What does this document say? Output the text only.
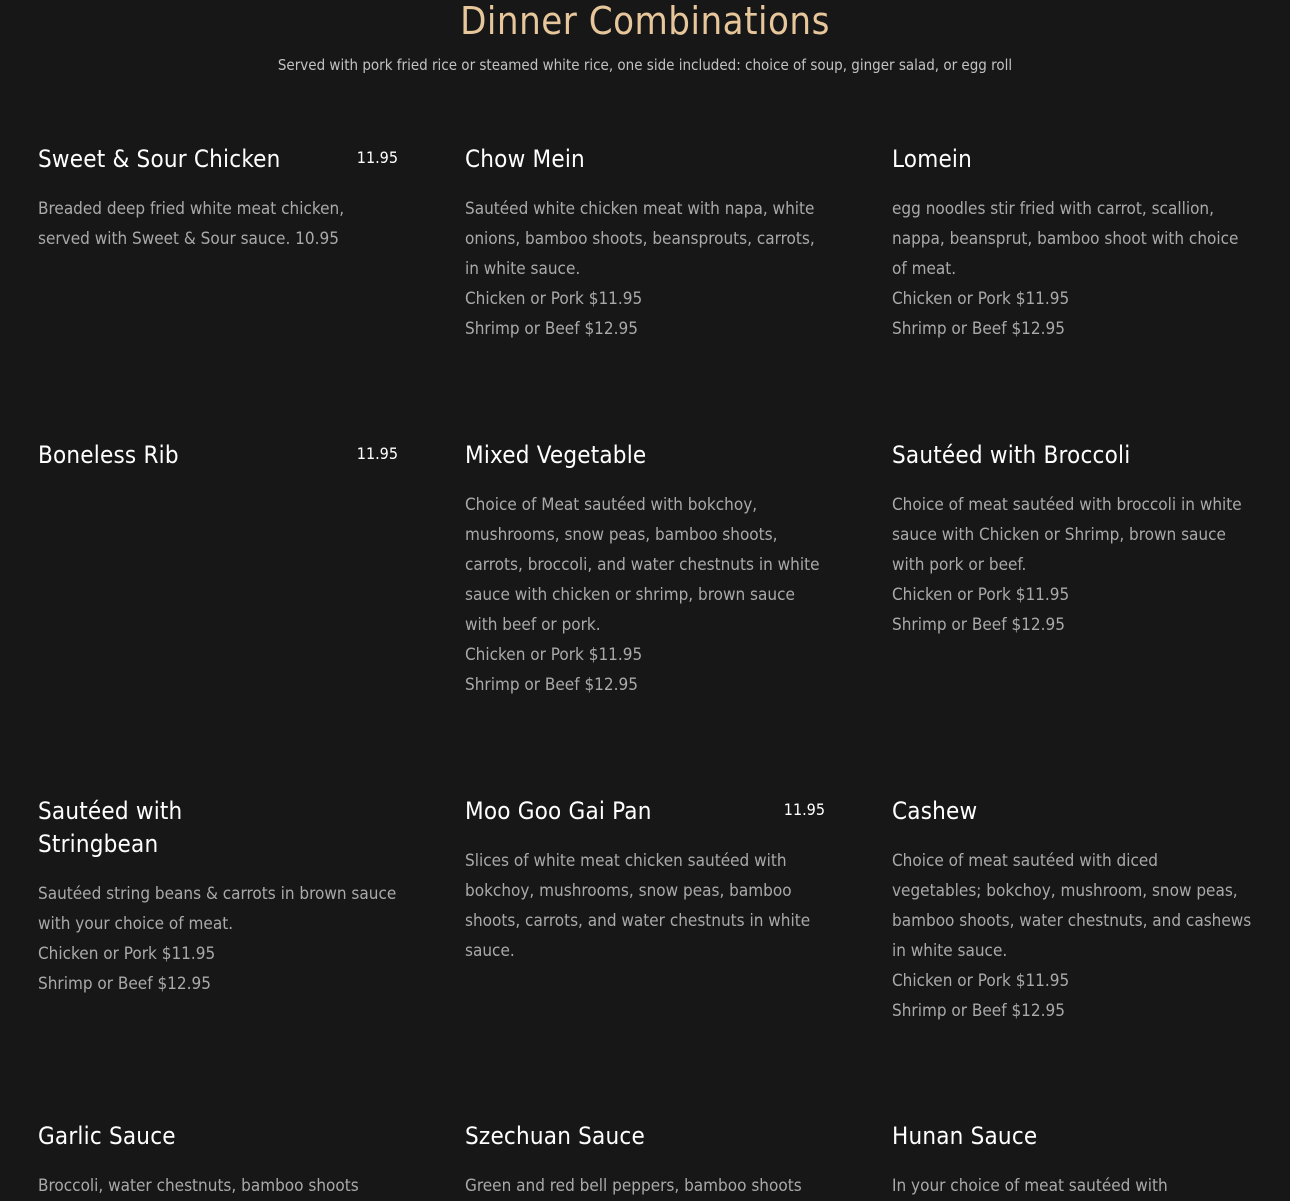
Dinner Combinations

Served with pork fried rice or steamed white rice, one side included: choice of soup, ginger salad, or egg roll

Sweet & Sour Chicken	11.95
Breaded deep fried white meat chicken, served with Sweet & Sour sauce. 10.95
Chow Mein
Sautéed white chicken meat with napa, white onions, bamboo shoots, beansprouts, carrots, in white sauce.
Chicken or Pork $11.95
Shrimp or Beef $12.95
Lomein
egg noodles stir fried with carrot, scallion, nappa, beansprut, bamboo shoot with choice of meat.
Chicken or Pork $11.95
Shrimp or Beef $12.95
Boneless Rib	11.95	Mixed Vegetable
Choice of Meat sautéed with bokchoy, mushrooms, snow peas, bamboo shoots, carrots, broccoli, and water chestnuts in white sauce with chicken or shrimp, brown sauce with beef or pork.
Chicken or Pork $11.95
Shrimp or Beef $12.95
Sautéed with Broccoli
Choice of meat sautéed with broccoli in white sauce with Chicken or Shrimp, brown sauce with pork or beef.
Chicken or Pork $11.95
Shrimp or Beef $12.95
Sautéed with Stringbean
Sautéed string beans & carrots in brown sauce with your choice of meat.
Chicken or Pork $11.95
Shrimp or Beef $12.95
Moo Goo Gai Pan	11.95
Slices of white meat chicken sautéed with bokchoy, mushrooms, snow peas, bamboo shoots, carrots, and water chestnuts in white sauce.
Cashew
Choice of meat sautéed with diced vegetables; bokchoy, mushroom, snow peas, bamboo shoots, water chestnuts, and cashews in white sauce.
Chicken or Pork $11.95
Shrimp or Beef $12.95
Garlic Sauce
Broccoli, water chestnuts, bamboo shoots
Szechuan Sauce
Green and red bell peppers, bamboo shoots
Hunan Sauce
In your choice of meat sautéed with
